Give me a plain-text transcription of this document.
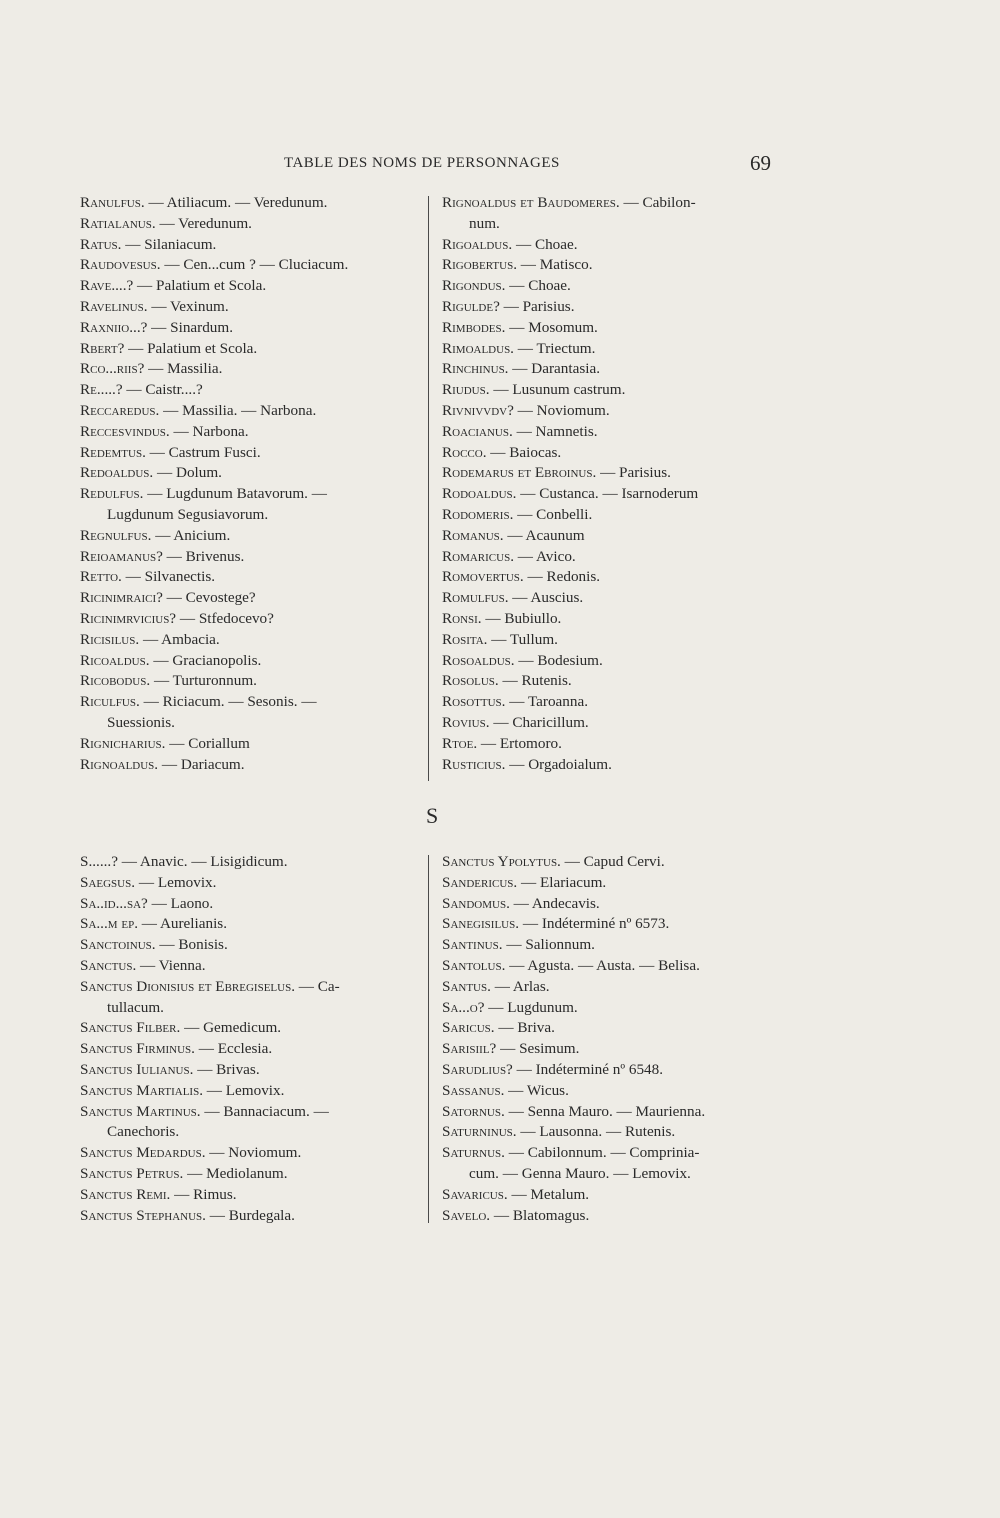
TABLE DES NOMS DE PERSONNAGES	69
Ranulfus. — Atiliacum. — Veredunum.
Ratialanus. — Veredunum.
Ratus. — Silaniacum.
Raudovesus. — Cen...cum ? — Cluciacum.
Rave....? — Palatium et Scola.
Ravelinus. — Vexinum.
Raxniio...? — Sinardum.
Rbert? — Palatium et Scola.
Rco...riis? — Massilia.
Re.....? — Caistr....?
Reccaredus. — Massilia. — Narbona.
Reccesvindus. — Narbona.
Redemtus. — Castrum Fusci.
Redoaldus. — Dolum.
Redulfus. — Lugdunum Batavorum. —
Lugdunum Segusiavorum.
Regnulfus. — Anicium.
Reioamanus? — Brivenus.
Retto. — Silvanectis.
Ricinimraici? — Cevostege?
Ricinimrvicius? — Stfedocevo?
Ricisilus. — Ambacia.
Ricoaldus. — Gracianopolis.
Ricobodus. — Turturonnum.
Riculfus. — Riciacum. — Sesonis. —
Suessionis.
Rignicharius. — Coriallum
Rignoaldus. — Dariacum.
Rignoaldus et Baudomeres. — Cabilon-
num.
Rigoaldus. — Choae.
Rigobertus. — Matisco.
Rigondus. — Choae.
Rigulde? — Parisius.
Rimbodes. — Mosomum.
Rimoaldus. — Triectum.
Rinchinus. — Darantasia.
Riudus. — Lusunum castrum.
Rivnivvdv? — Noviomum.
Roacianus. — Namnetis.
Rocco. — Baiocas.
Rodemarus et Ebroinus. — Parisius.
Rodoaldus. — Custanca. — Isarnoderum
Rodomeris. — Conbelli.
Romanus. — Acaunum
Romaricus. — Avico.
Romovertus. — Redonis.
Romulfus. — Auscius.
Ronsi. — Bubiullo.
Rosita. — Tullum.
Rosoaldus. — Bodesium.
Rosolus. — Rutenis.
Rosottus. — Taroanna.
Rovius. — Charicillum.
Rtoe. — Ertomoro.
Rusticius. — Orgadoialum.
S
S......? — Anavic. — Lisigidicum.
Saegsus. — Lemovix.
Sa..id...sa? — Laono.
Sa...m ep. — Aurelianis.
Sanctoinus. — Bonisis.
Sanctus. — Vienna.
Sanctus Dionisius et Ebregiselus. — Ca-
tullacum.
Sanctus Filber. — Gemedicum.
Sanctus Firminus. — Ecclesia.
Sanctus Iulianus. — Brivas.
Sanctus Martialis. — Lemovix.
Sanctus Martinus. — Bannaciacum. —
Canechoris.
Sanctus Medardus. — Noviomum.
Sanctus Petrus. — Mediolanum.
Sanctus Remi. — Rimus.
Sanctus Stephanus. — Burdegala.
Sanctus Ypolytus. — Capud Cervi.
Sandericus. — Elariacum.
Sandomus. — Andecavis.
Sanegisilus. — Indéterminé nº 6573.
Santinus. — Salionnum.
Santolus. — Agusta. — Austa. — Belisa.
Santus. — Arlas.
Sa...o? — Lugdunum.
Saricus. — Briva.
Sarisiil? — Sesimum.
Sarudlius? — Indéterminé nº 6548.
Sassanus. — Wicus.
Satornus. — Senna Mauro. — Maurienna.
Saturninus. — Lausonna. — Rutenis.
Saturnus. — Cabilonnum. — Comprinia-
cum. — Genna Mauro. — Lemovix.
Savaricus. — Metalum.
Savelo. — Blatomagus.
